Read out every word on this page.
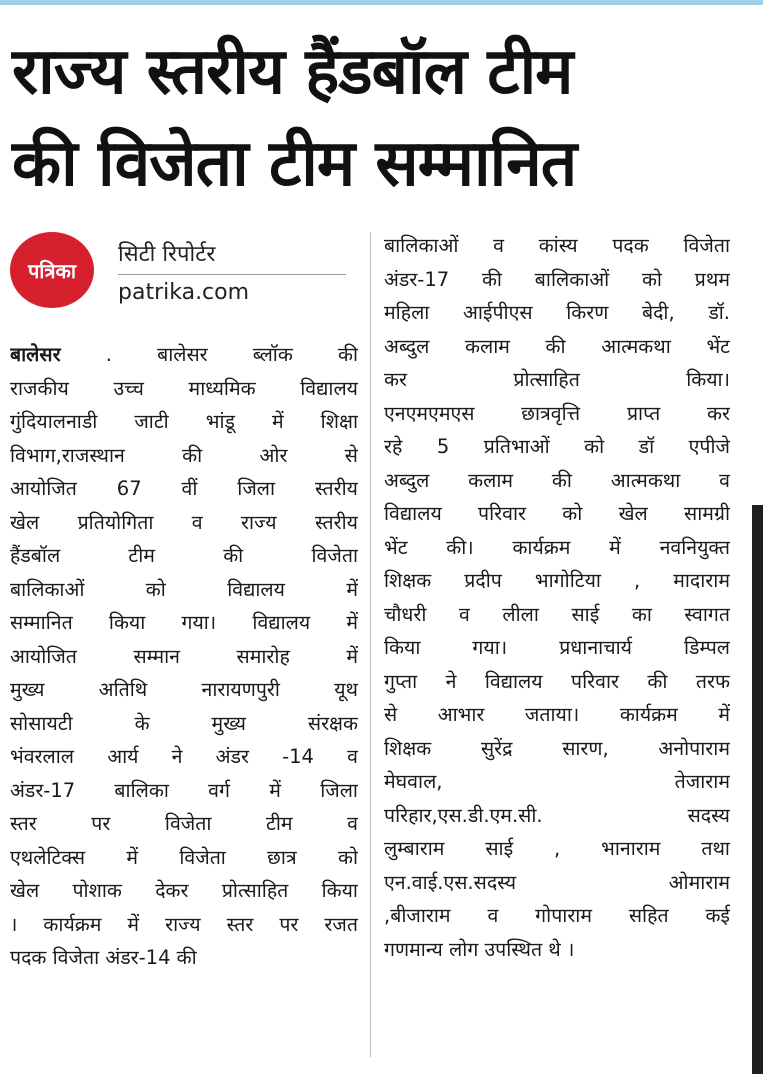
राज्य स्तरीय हैंडबॉल टीम
की विजेता टीम सम्मानित
पत्रिका
सिटी रिपोर्टर
patrika.com
बालेसर . बालेसर ब्लॉक की
राजकीय उच्च माध्यमिक विद्यालय
गुंदियालनाडी जाटी भांडू में शिक्षा
विभाग,राजस्थान की ओर से
आयोजित 67 वीं जिला स्तरीय
खेल प्रतियोगिता व राज्य स्तरीय
हैंडबॉल टीम की विजेता
बालिकाओं को विद्यालय में
सम्मानित किया गया। विद्यालय में
आयोजित सम्मान समारोह में
मुख्य अतिथि नारायणपुरी यूथ
सोसायटी के मुख्य संरक्षक
भंवरलाल आर्य ने अंडर -14 व
अंडर-17 बालिका वर्ग में जिला
स्तर पर विजेता टीम व
एथलेटिक्स में विजेता छात्र को
खेल पोशाक देकर प्रोत्साहित किया
। कार्यक्रम में राज्य स्तर पर रजत
पदक विजेता अंडर-14 की
बालिकाओं व कांस्य पदक विजेता
अंडर-17 की बालिकाओं को प्रथम
महिला आईपीएस किरण बेदी, डॉ.
अब्दुल कलाम की आत्मकथा भेंट
कर प्रोत्साहित किया।
एनएमएमएस छात्रवृत्ति प्राप्त कर
रहे 5 प्रतिभाओं को डॉ एपीजे
अब्दुल कलाम की आत्मकथा व
विद्यालय परिवार को खेल सामग्री
भेंट की। कार्यक्रम में नवनियुक्त
शिक्षक प्रदीप भागोटिया , मादाराम
चौधरी व लीला साई का स्वागत
किया गया। प्रधानाचार्य डिम्पल
गुप्ता ने विद्यालय परिवार की तरफ
से आभार जताया। कार्यक्रम में
शिक्षक सुरेंद्र सारण, अनोपाराम
मेघवाल, तेजाराम
परिहार,एस.डी.एम.सी. सदस्य
लुम्बाराम साई , भानाराम तथा
एन.वाई.एस.सदस्य ओमाराम
,बीजाराम व गोपाराम सहित कई
गणमान्य लोग उपस्थित थे ।
